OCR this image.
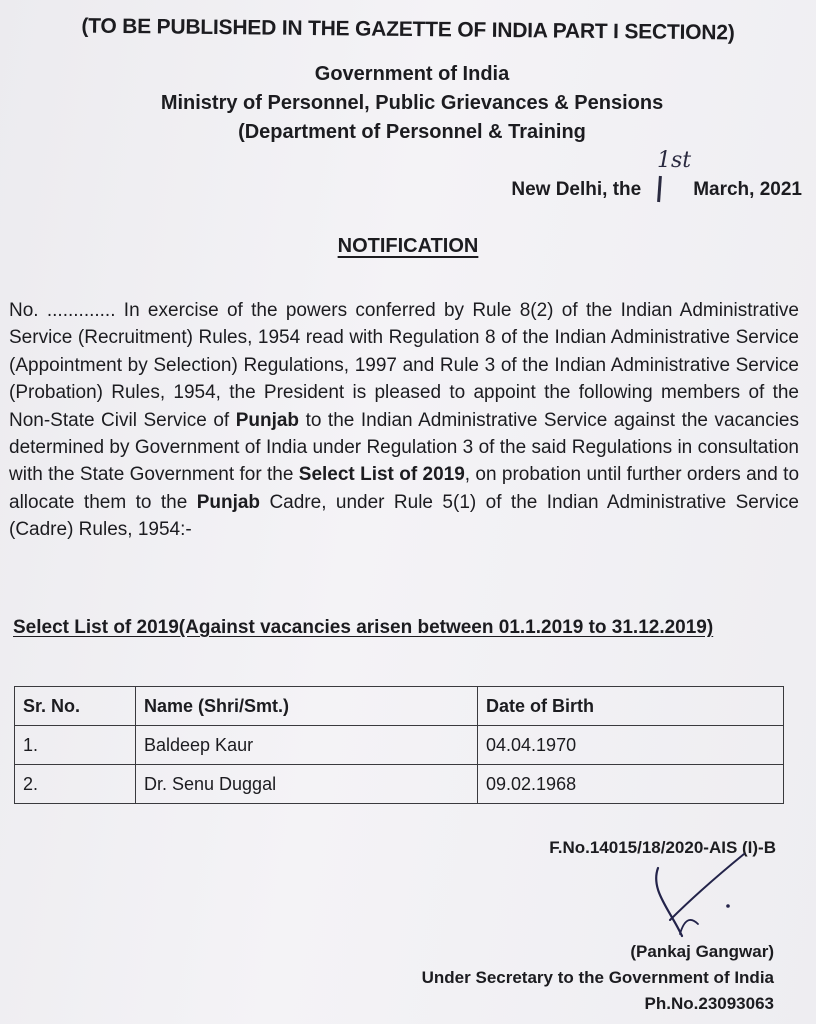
(TO BE PUBLISHED IN THE GAZETTE OF INDIA PART I SECTION2)
Government of India
Ministry of Personnel, Public Grievances & Pensions
(Department of Personnel & Training
New Delhi, the	March, 2021
1st
NOTIFICATION
No. ............. In exercise of the powers conferred by Rule 8(2) of the Indian Administrative Service (Recruitment) Rules, 1954 read with Regulation 8 of the Indian Administrative Service (Appointment by Selection) Regulations, 1997 and Rule 3 of the Indian Administrative Service (Probation) Rules, 1954, the President is pleased to appoint the following members of the Non-State Civil Service of Punjab to the Indian Administrative Service against the vacancies determined by Government of India under Regulation 3 of the said Regulations in consultation with the State Government for the Select List of 2019, on probation until further orders and to allocate them to the Punjab Cadre, under Rule 5(1) of the Indian Administrative Service (Cadre) Rules, 1954:-
Select List of 2019(Against vacancies arisen between 01.1.2019 to 31.12.2019)
Sr. No.	Name (Shri/Smt.)	Date of Birth
1.	Baldeep Kaur	04.04.1970
2.	Dr. Senu Duggal	09.02.1968
F.No.14015/18/2020-AIS (I)-B
(Pankaj Gangwar)
Under Secretary to the Government of India
Ph.No.23093063
